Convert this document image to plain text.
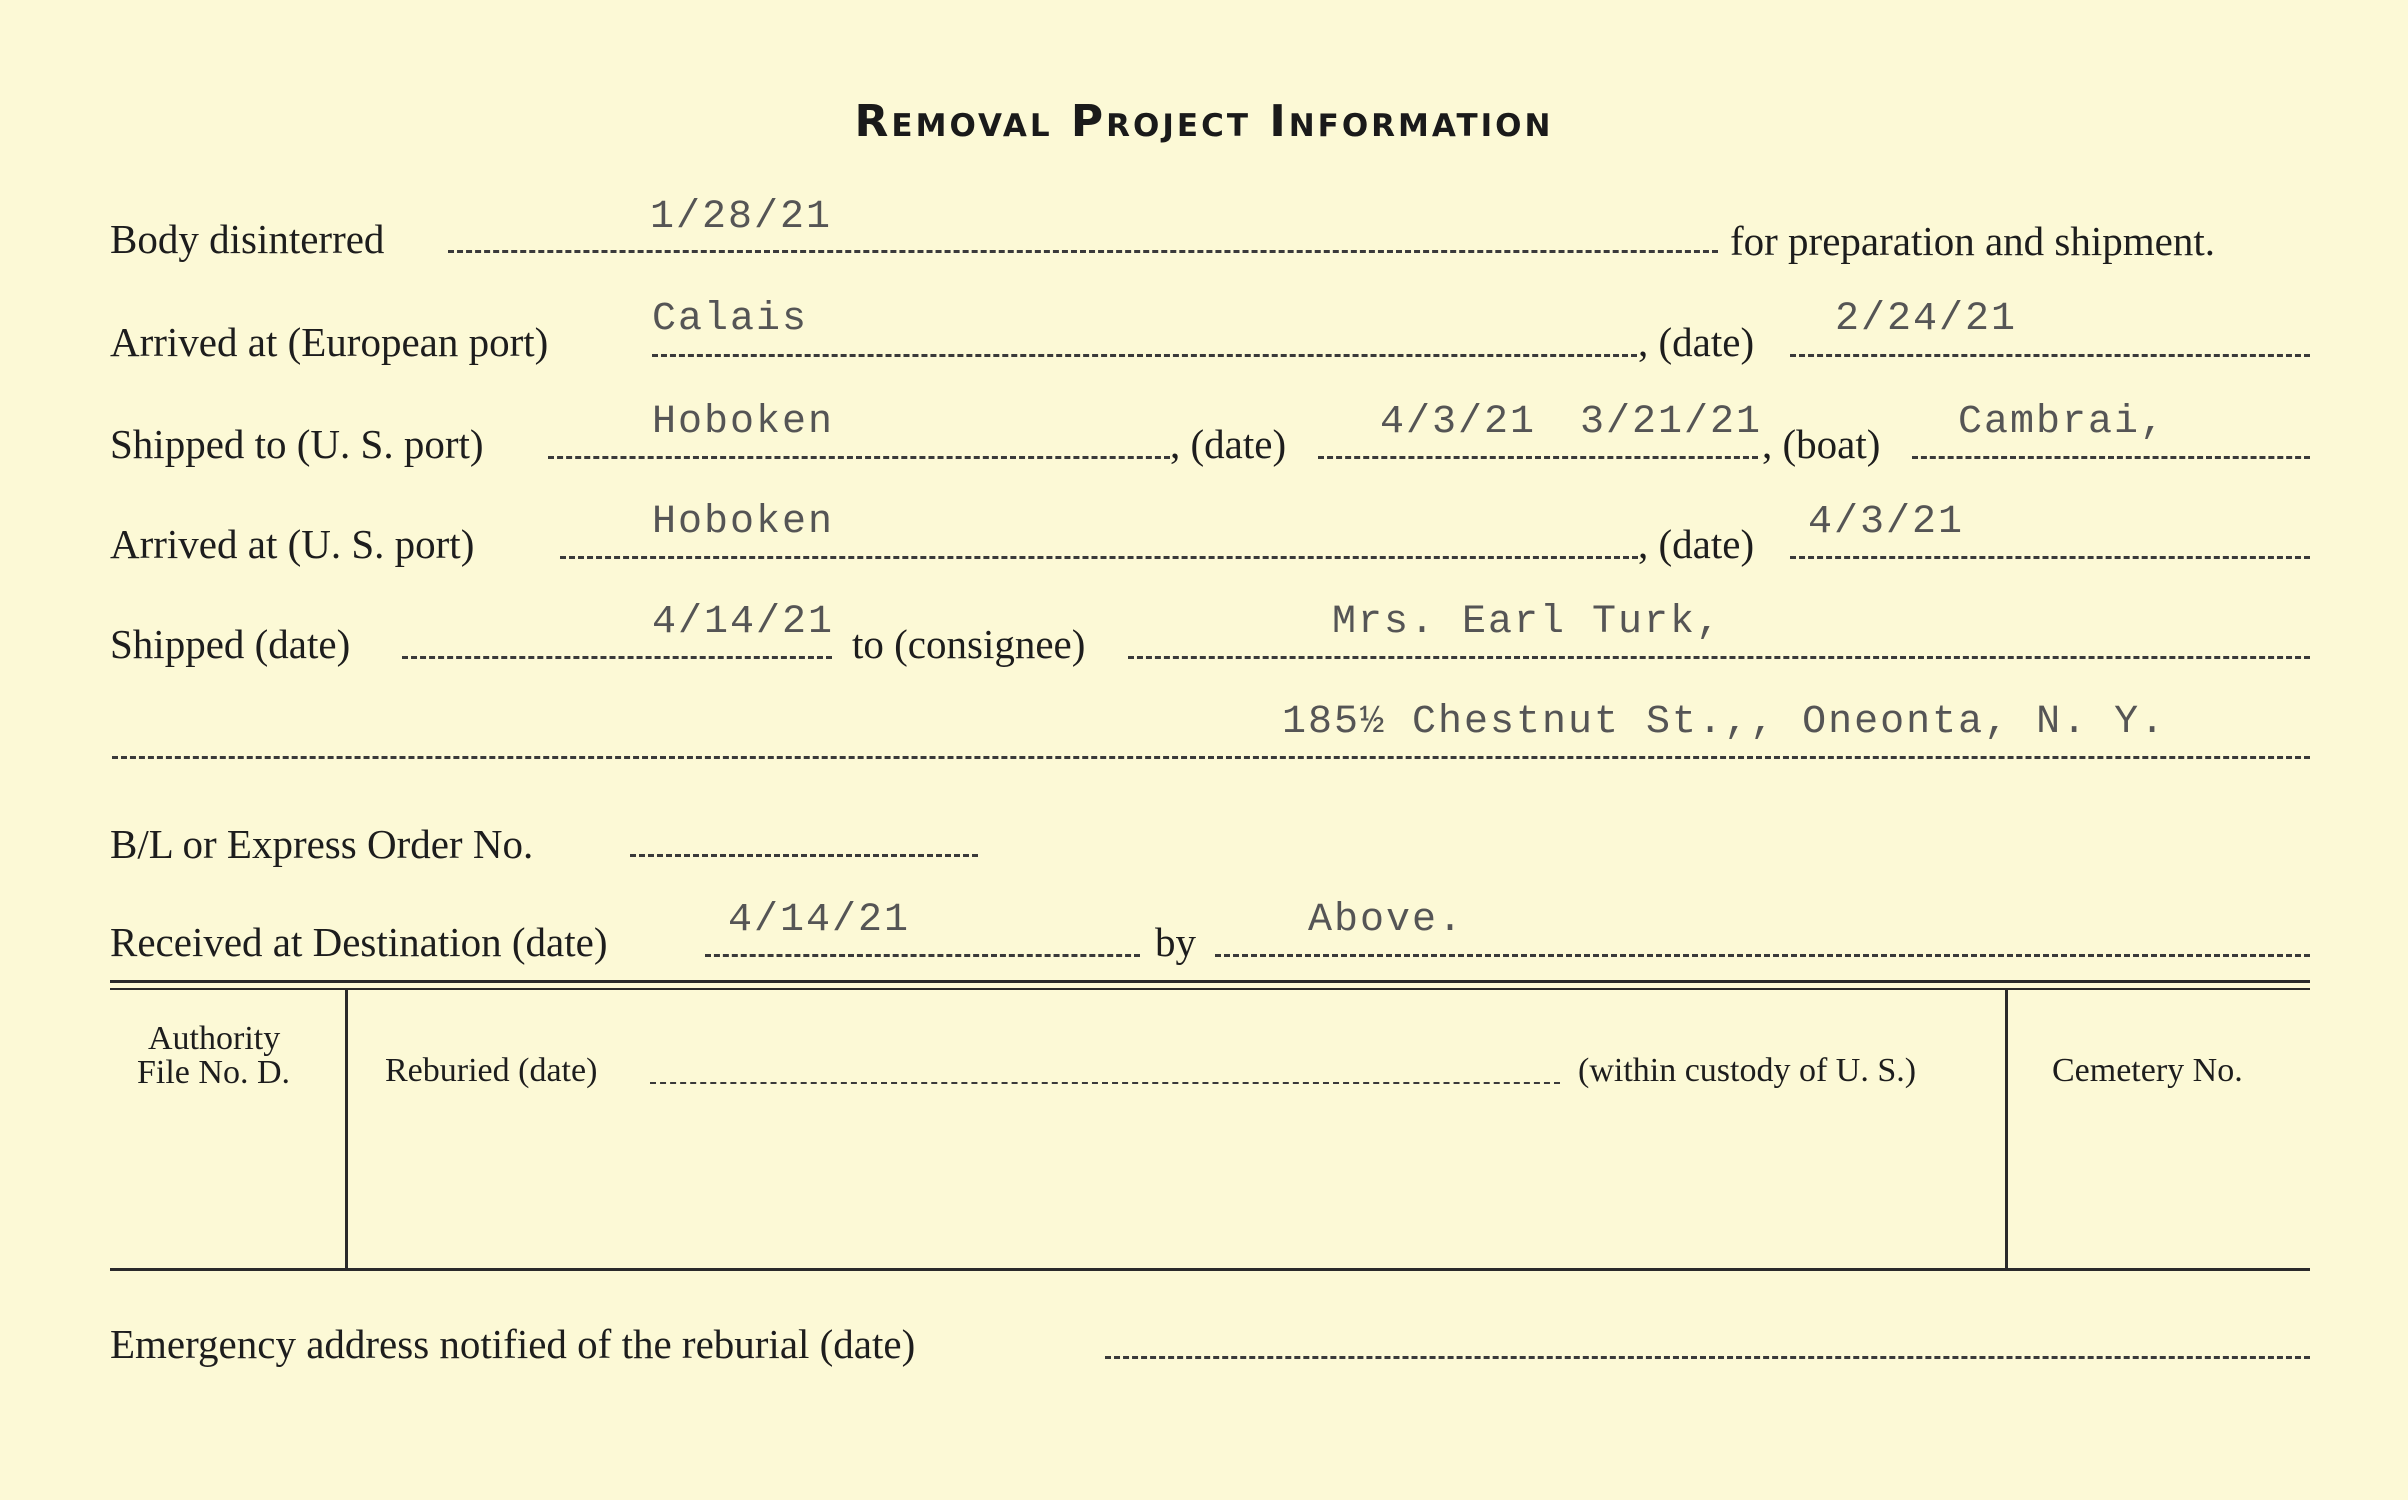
Removal Project Information
Body disinterred	1/28/21
for preparation and shipment.
Arrived at (European port)	Calais	, (date) 2/24/21
Shipped to (U. S. port)	Hoboken	, (date) 4/3/21 3/21/21 , (boat) Cambrai,
Arrived at (U. S. port)	Hoboken	, (date) 4/3/21
Shipped (date)	4/14/21 to (consignee)	Mrs. Earl Turk,
185½ Chestnut St.,, Oneonta, N. Y.
B/L or Express Order No.
Received at Destination (date)	4/14/21	by	Above.
Authority
File No. D.	Reburied (date)	(within custody of U. S.)	Cemetery No.
Emergency address notified of the reburial (date)
